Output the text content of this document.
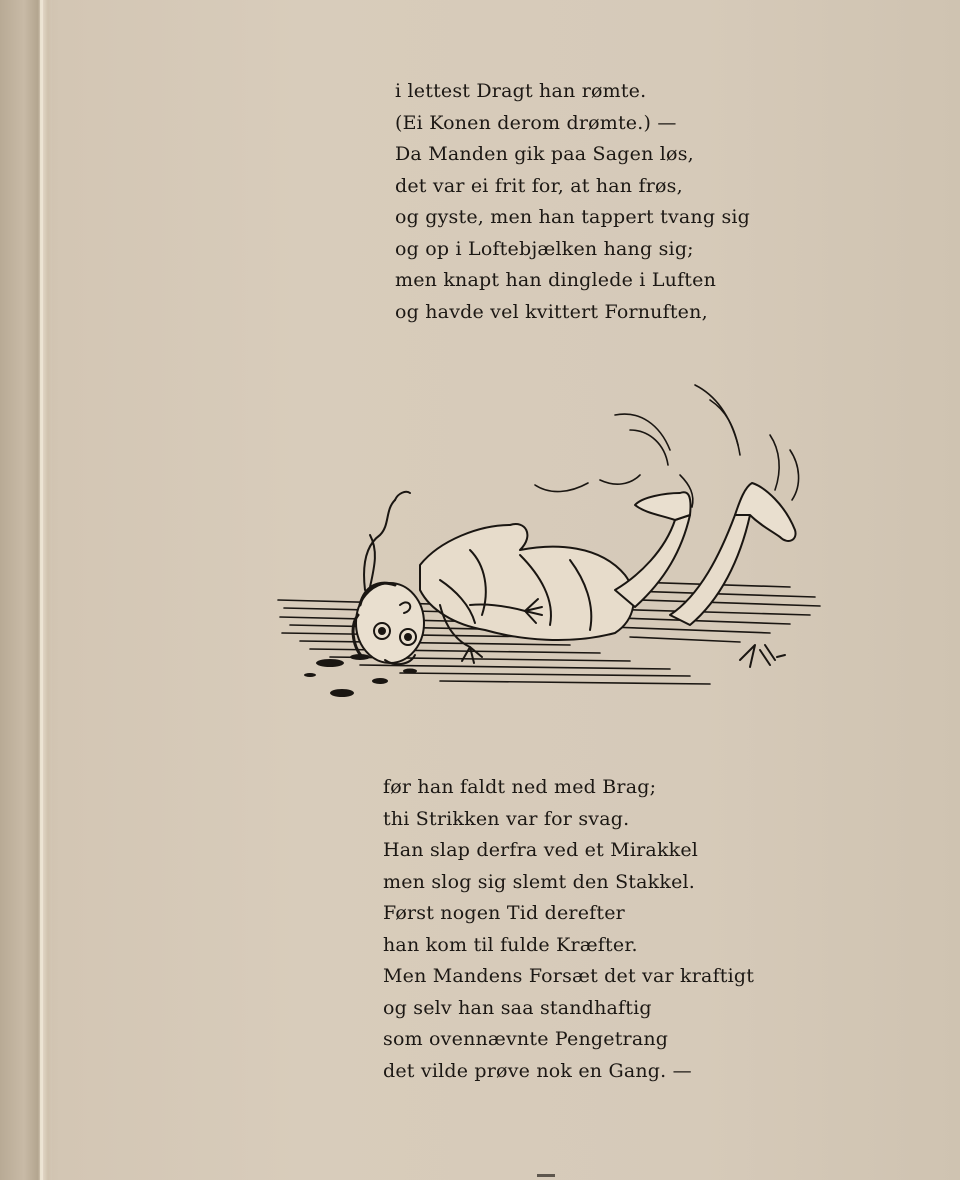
i lettest Dragt han rømte.
(Ei Konen derom drømte.) —
Da Manden gik paa Sagen løs,
det var ei frit for, at han frøs,
og gyste, men han tappert tvang sig
og op i Loftebjælken hang sig;
men knapt han dinglede i Luften
og havde vel kvittert Fornuften,
før han faldt ned med Brag;
thi Strikken var for svag.
Han slap derfra ved et Mirakkel
men slog sig slemt den Stakkel.
Først nogen Tid derefter
han kom til fulde Kræfter.
Men Mandens Forsæt det var kraftigt
og selv han saa standhaftig
som ovennævnte Pengetrang
det vilde prøve nok en Gang. —
